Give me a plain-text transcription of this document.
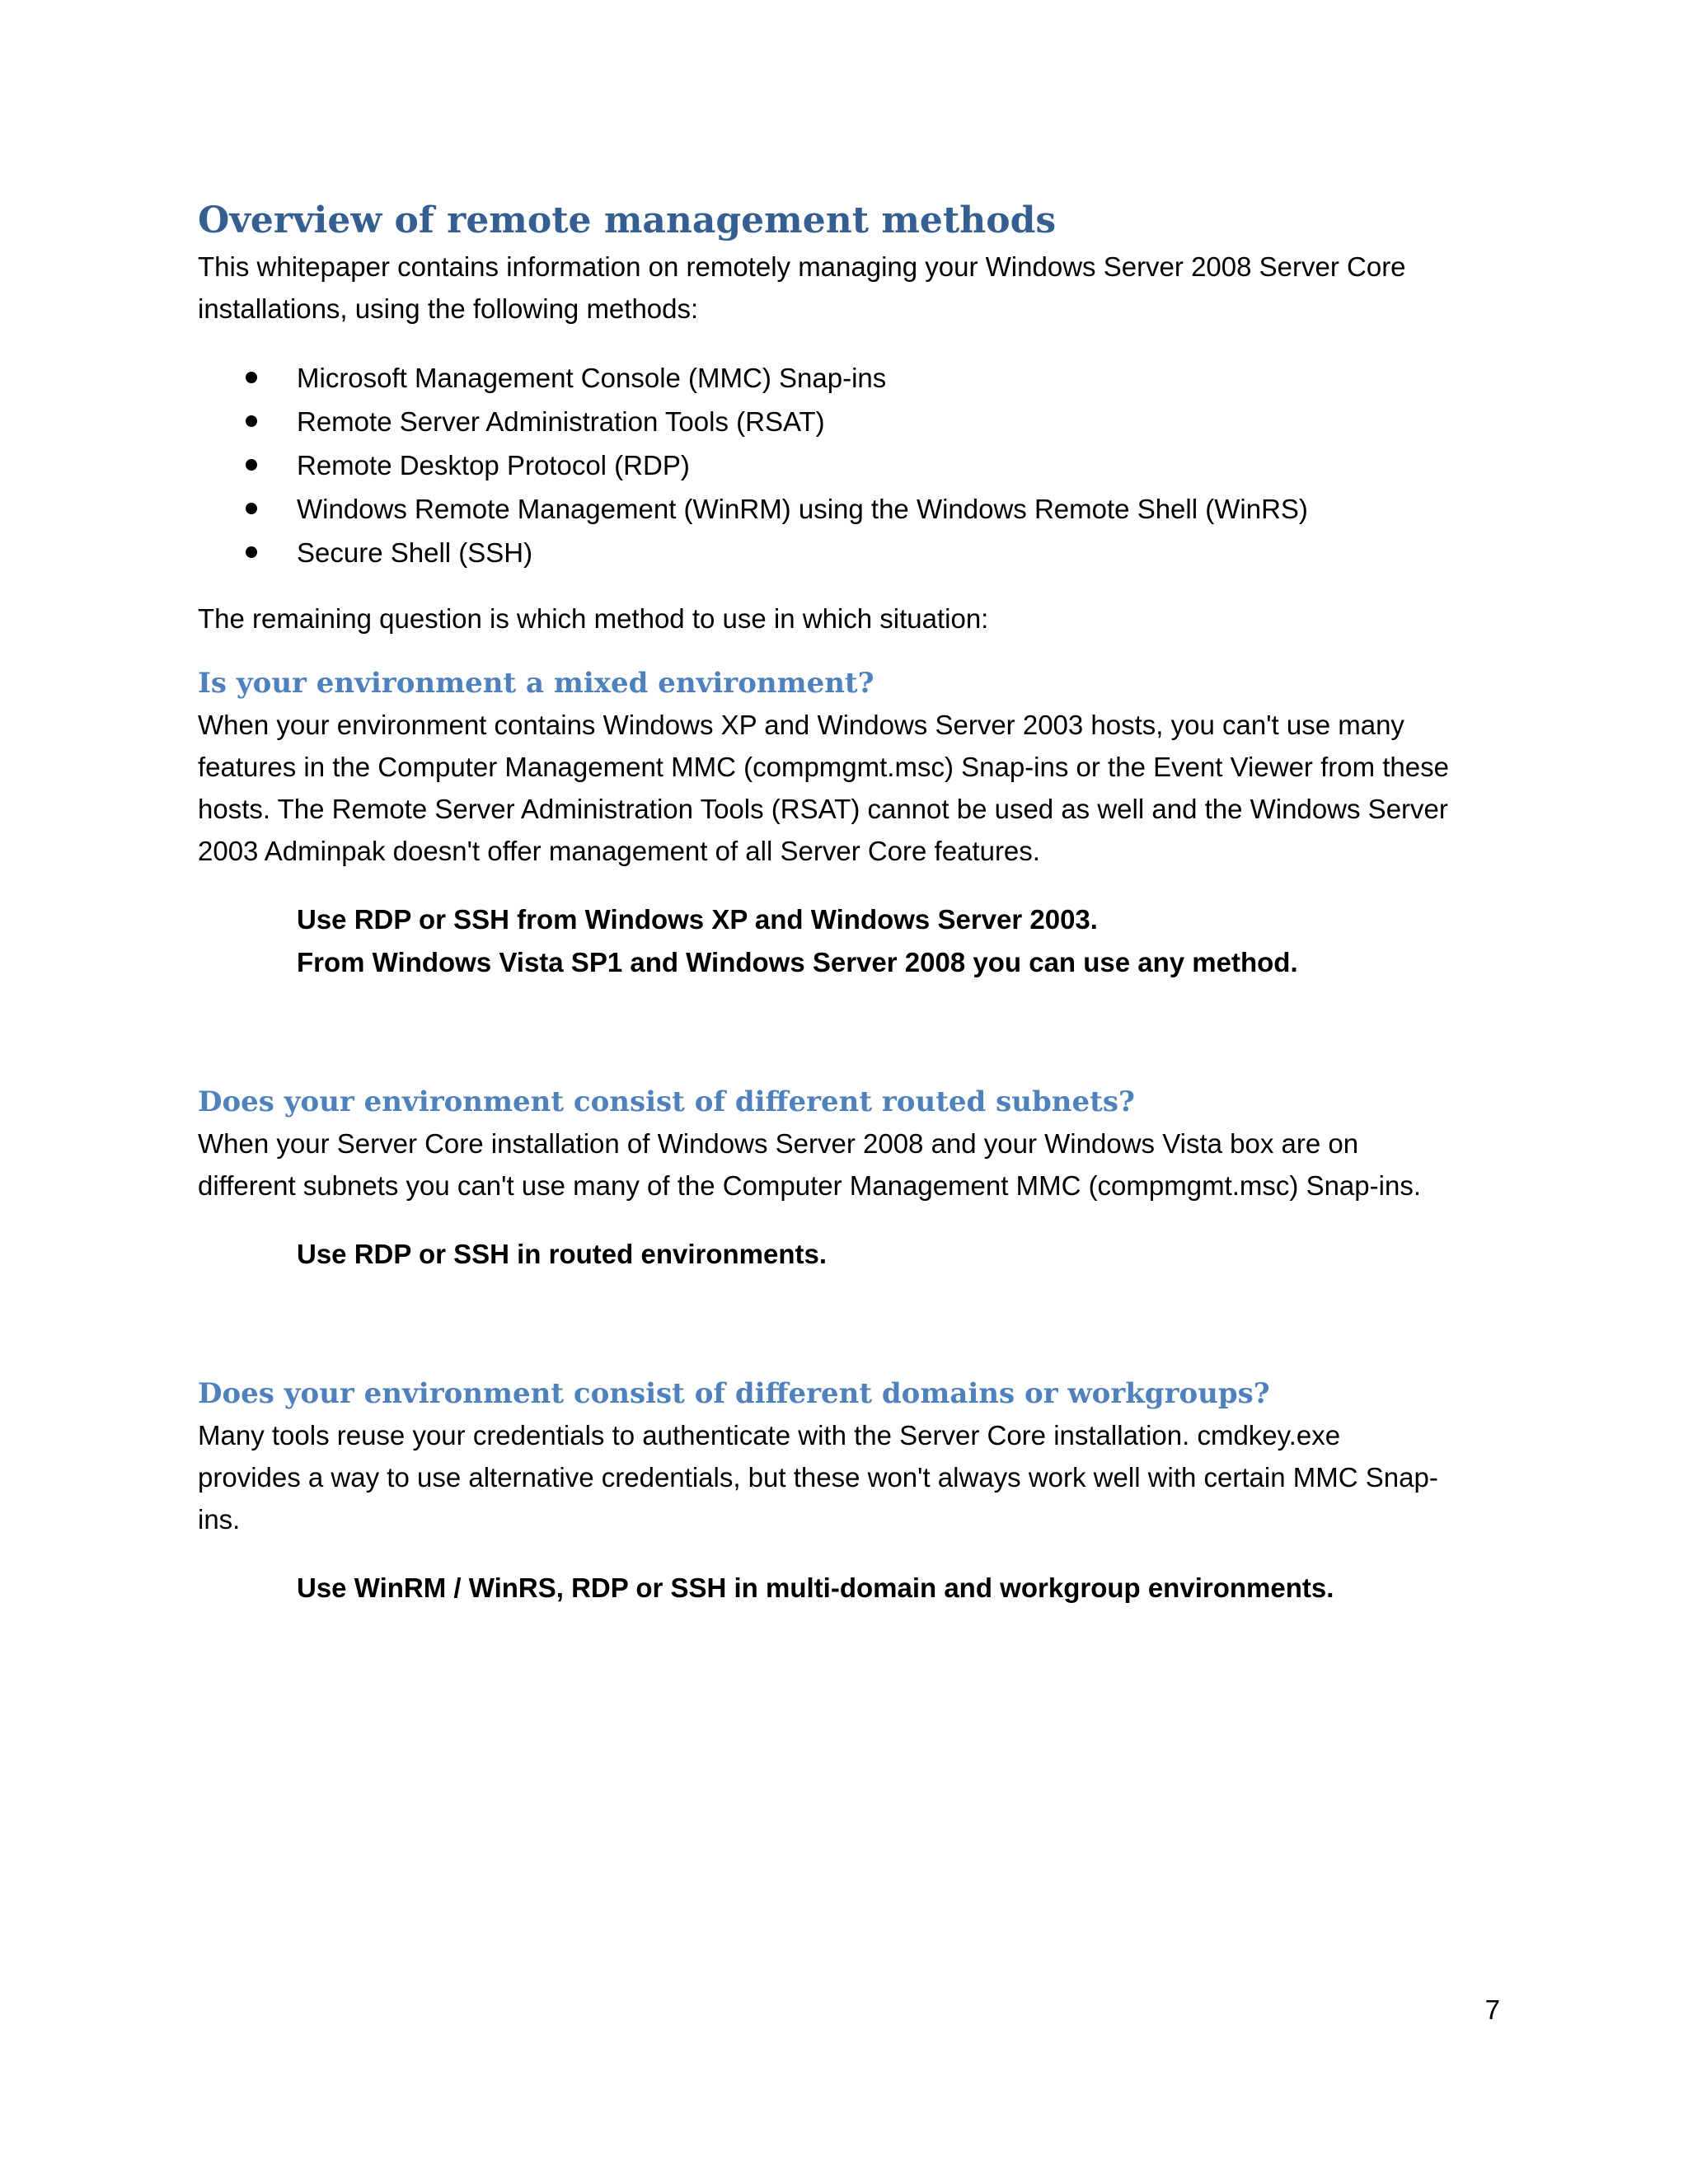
Overview of remote management methods

This whitepaper contains information on remotely managing your Windows Server 2008 Server Core
installations, using the following methods:

Microsoft Management Console (MMC) Snap-ins
Remote Server Administration Tools (RSAT)
Remote Desktop Protocol (RDP)
Windows Remote Management (WinRM) using the Windows Remote Shell (WinRS)
Secure Shell (SSH)

The remaining question is which method to use in which situation:

Is your environment a mixed environment?

When your environment contains Windows XP and Windows Server 2003 hosts, you can't use many
features in the Computer Management MMC (compmgmt.msc) Snap-ins or the Event Viewer from these
hosts. The Remote Server Administration Tools (RSAT) cannot be used as well and the Windows Server
2003 Adminpak doesn't offer management of all Server Core features.

Use RDP or SSH from Windows XP and Windows Server 2003.
From Windows Vista SP1 and Windows Server 2008 you can use any method.

Does your environment consist of different routed subnets?

When your Server Core installation of Windows Server 2008 and your Windows Vista box are on
different subnets you can't use many of the Computer Management MMC (compmgmt.msc) Snap-ins.

Use RDP or SSH in routed environments.

Does your environment consist of different domains or workgroups?

Many tools reuse your credentials to authenticate with the Server Core installation. cmdkey.exe
provides a way to use alternative credentials, but these won't always work well with certain MMC Snap-
ins.

Use WinRM / WinRS, RDP or SSH in multi-domain and workgroup environments.

7
